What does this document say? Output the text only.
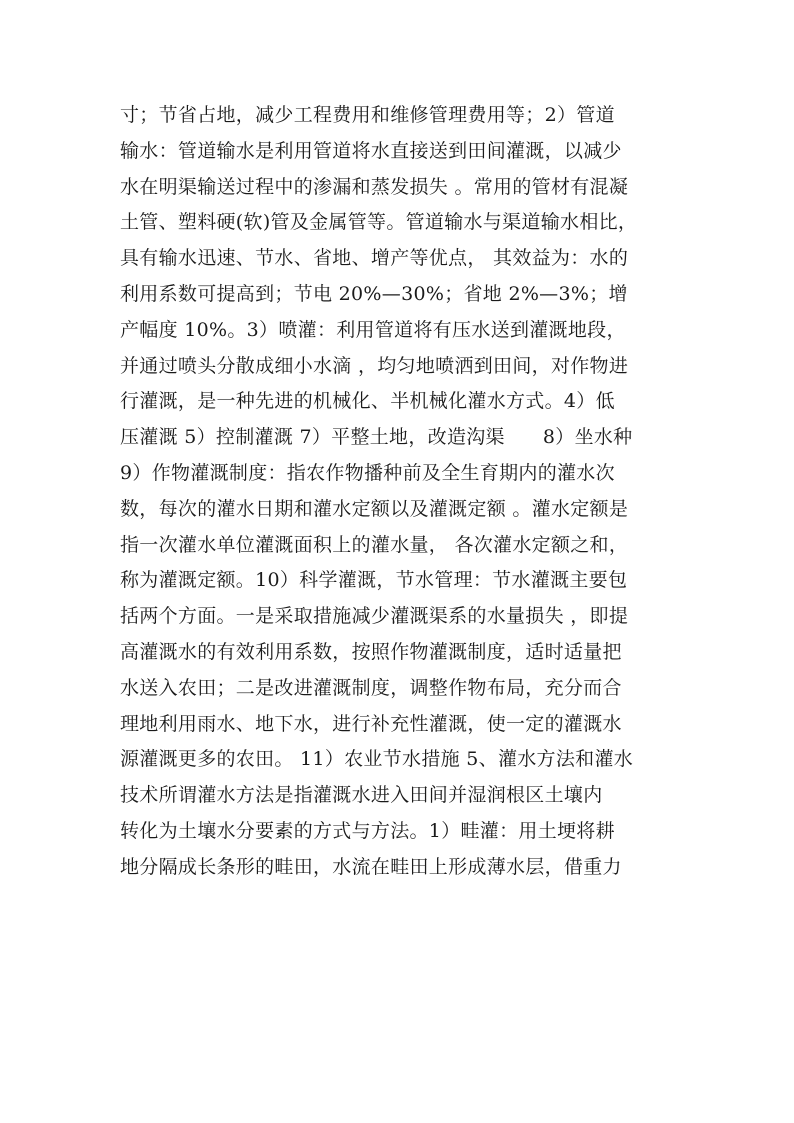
寸；节省占地，减少工程费用和维修管理费用等；2）管道
输水：管道输水是利用管道将水直接送到田间灌溉，以减少
水在明渠输送过程中的渗漏和蒸发损失 。常用的管材有混凝
土管、塑料硬(软)管及金属管等。管道输水与渠道输水相比，
具有输水迅速、节水、省地、增产等优点， 其效益为：水的
利用系数可提高到；节电 20%—30%；省地 2%—3%；增
产幅度 10%。3）喷灌：利用管道将有压水送到灌溉地段，
并通过喷头分散成细小水滴 ，均匀地喷洒到田间，对作物进
行灌溉，是一种先进的机械化、半机械化灌水方式。4）低
压灌溉 5）控制灌溉 7）平整土地，改造沟渠      8）坐水种
9）作物灌溉制度：指农作物播种前及全生育期内的灌水次
数，每次的灌水日期和灌水定额以及灌溉定额 。灌水定额是
指一次灌水单位灌溉面积上的灌水量， 各次灌水定额之和，
称为灌溉定额。10）科学灌溉，节水管理：节水灌溉主要包
括两个方面。一是采取措施减少灌溉渠系的水量损失 ，即提
高灌溉水的有效利用系数，按照作物灌溉制度，适时适量把
水送入农田；二是改进灌溉制度，调整作物布局，充分而合
理地利用雨水、地下水，进行补充性灌溉，使一定的灌溉水
源灌溉更多的农田。 11）农业节水措施 5、灌水方法和灌水
技术所谓灌水方法是指灌溉水进入田间并湿润根区土壤内
转化为土壤水分要素的方式与方法。1）畦灌：用土埂将耕
地分隔成长条形的畦田，水流在畦田上形成薄水层，借重力
